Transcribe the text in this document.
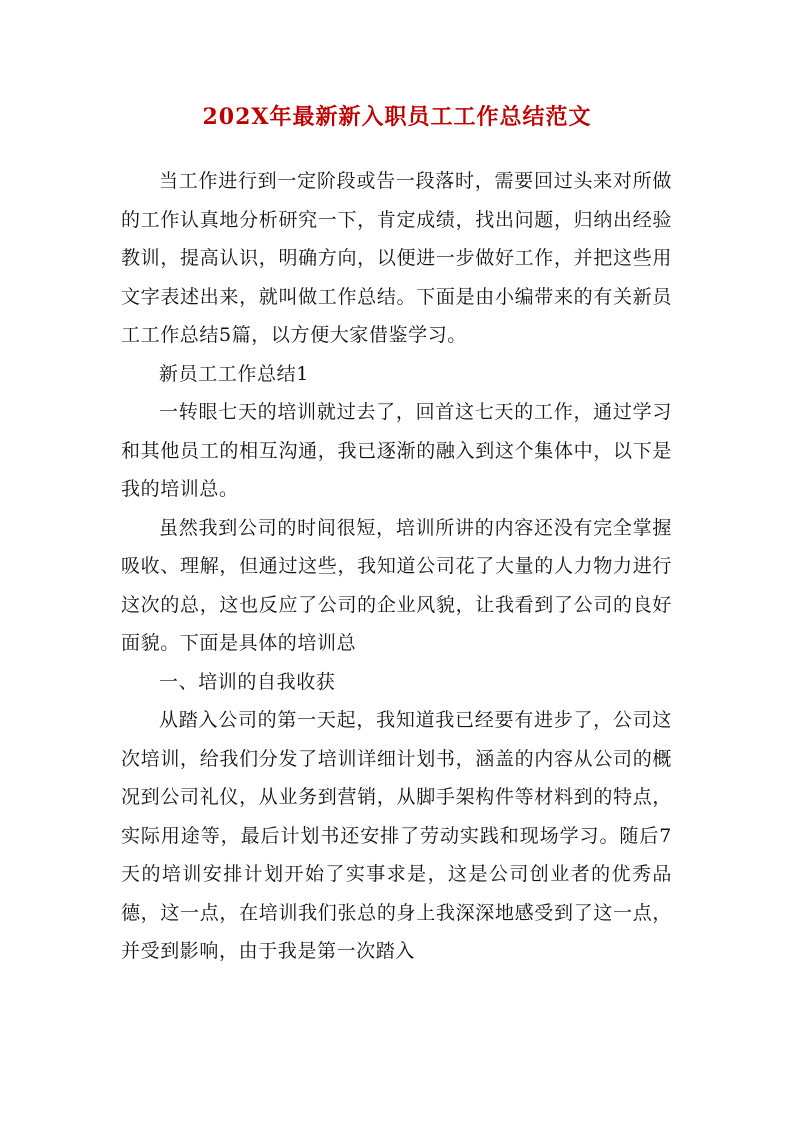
202X年最新新入职员工工作总结范文

当工作进行到一定阶段或告一段落时，需要回过头来对所做的工作认真地分析研究一下，肯定成绩，找出问题，归纳出经验教训，提高认识，明确方向，以便进一步做好工作，并把这些用文字表述出来，就叫做工作总结。下面是由小编带来的有关新员工工作总结5篇，以方便大家借鉴学习。

新员工工作总结1

一转眼七天的培训就过去了，回首这七天的工作，通过学习和其他员工的相互沟通，我已逐渐的融入到这个集体中，以下是我的培训总。

虽然我到公司的时间很短，培训所讲的内容还没有完全掌握吸收、理解，但通过这些，我知道公司花了大量的人力物力进行这次的总，这也反应了公司的企业风貌，让我看到了公司的良好面貌。下面是具体的培训总

一、培训的自我收获

从踏入公司的第一天起，我知道我已经要有进步了，公司这次培训，给我们分发了培训详细计划书，涵盖的内容从公司的概况到公司礼仪，从业务到营销，从脚手架构件等材料到的特点，实际用途等，最后计划书还安排了劳动实践和现场学习。随后7天的培训安排计划开始了实事求是，这是公司创业者的优秀品德，这一点，在培训我们张总的身上我深深地感受到了这一点，并受到影响，由于我是第一次踏入
